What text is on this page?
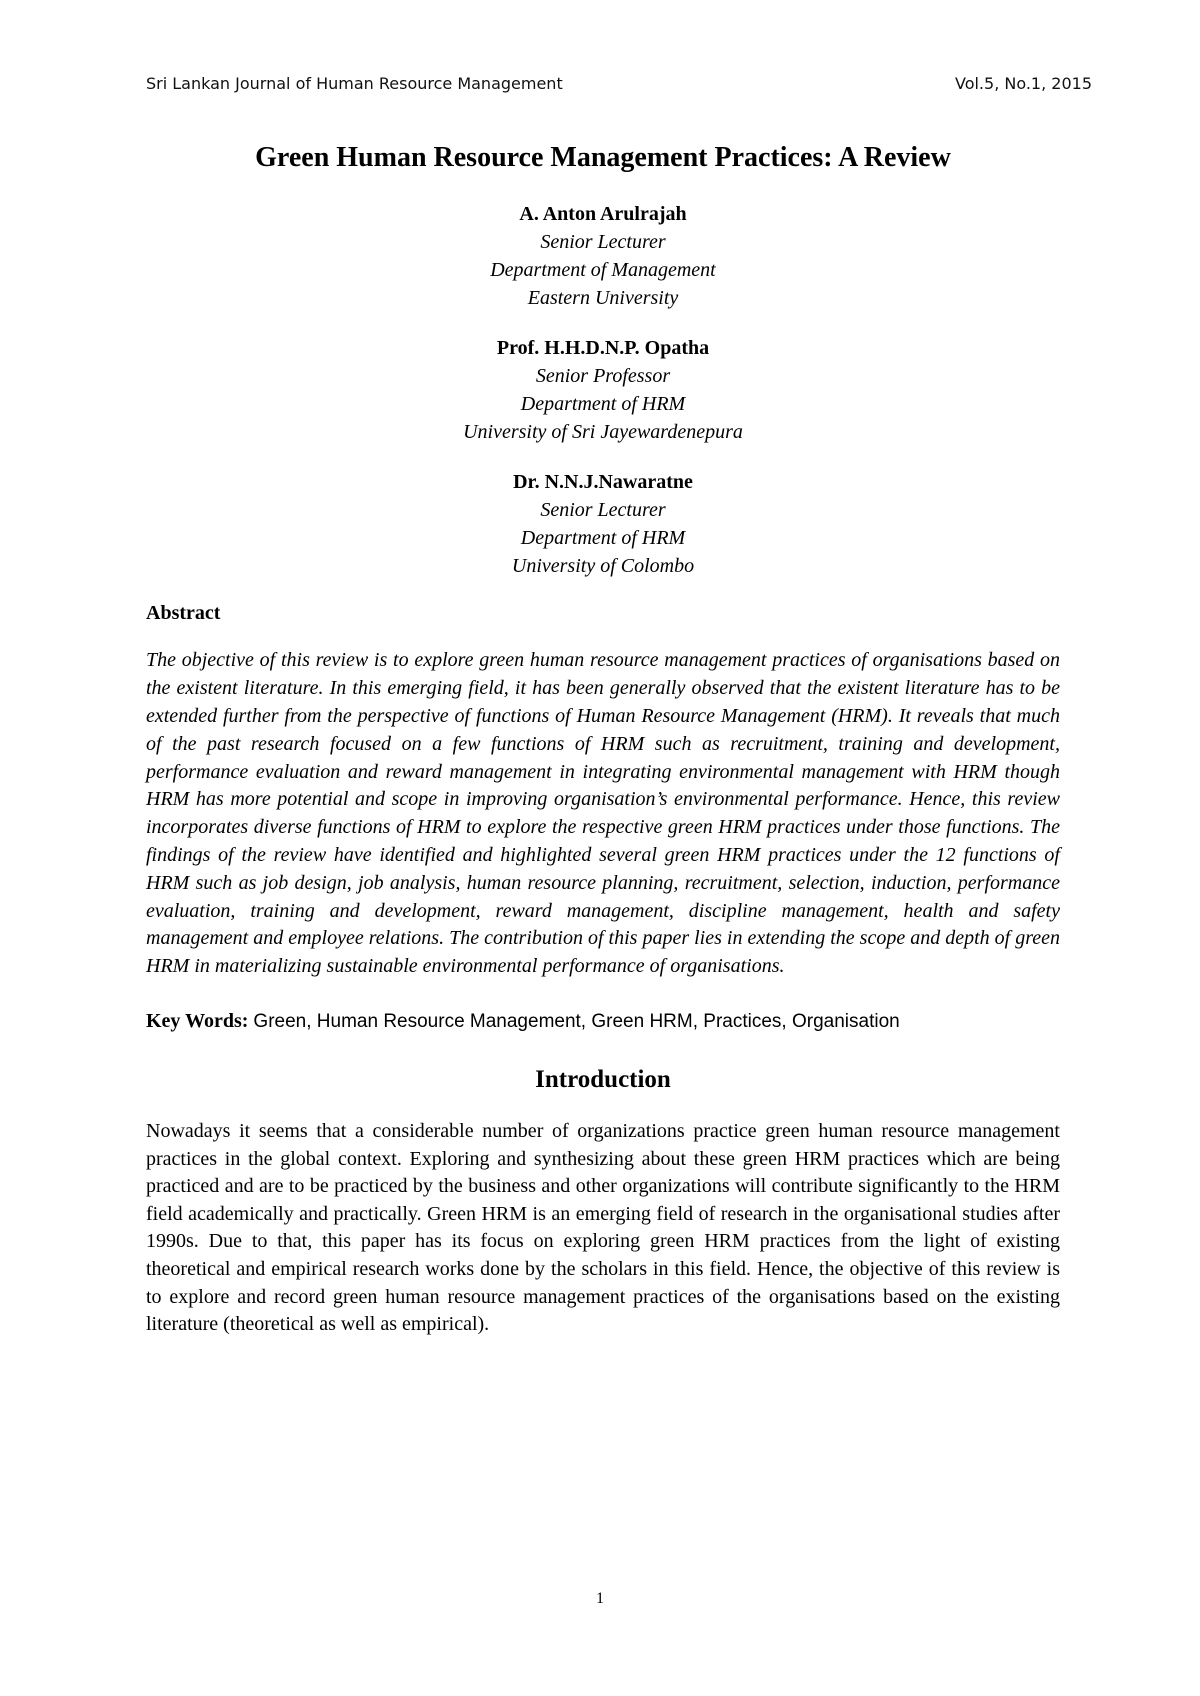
Sri Lankan Journal of Human Resource Management	Vol.5, No.1, 2015
Green Human Resource Management Practices: A Review
A. Anton Arulrajah
Senior Lecturer
Department of Management
Eastern University
Prof. H.H.D.N.P. Opatha
Senior Professor
Department of HRM
University of Sri Jayewardenepura
Dr. N.N.J.Nawaratne
Senior Lecturer
Department of HRM
University of Colombo
Abstract

The objective of this review is to explore green human resource management practices of organisations based on the existent literature. In this emerging field, it has been generally observed that the existent literature has to be extended further from the perspective of functions of Human Resource Management (HRM). It reveals that much of the past research focused on a few functions of HRM such as recruitment, training and development, performance evaluation and reward management in integrating environmental management with HRM though HRM has more potential and scope in improving organisation’s environmental performance. Hence, this review incorporates diverse functions of HRM to explore the respective green HRM practices under those functions. The findings of the review have identified and highlighted several green HRM practices under the 12 functions of HRM such as job design, job analysis, human resource planning, recruitment, selection, induction, performance evaluation, training and development, reward management, discipline management, health and safety management and employee relations. The contribution of this paper lies in extending the scope and depth of green HRM in materializing sustainable environmental performance of organisations.

Key Words: Green, Human Resource Management, Green HRM, Practices, Organisation
Introduction

Nowadays it seems that a considerable number of organizations practice green human resource management practices in the global context. Exploring and synthesizing about these green HRM practices which are being practiced and are to be practiced by the business and other organizations will contribute significantly to the HRM field academically and practically. Green HRM is an emerging field of research in the organisational studies after 1990s. Due to that, this paper has its focus on exploring green HRM practices from the light of existing theoretical and empirical research works done by the scholars in this field. Hence, the objective of this review is to explore and record green human resource management practices of the organisations based on the existing literature (theoretical as well as empirical).

1
